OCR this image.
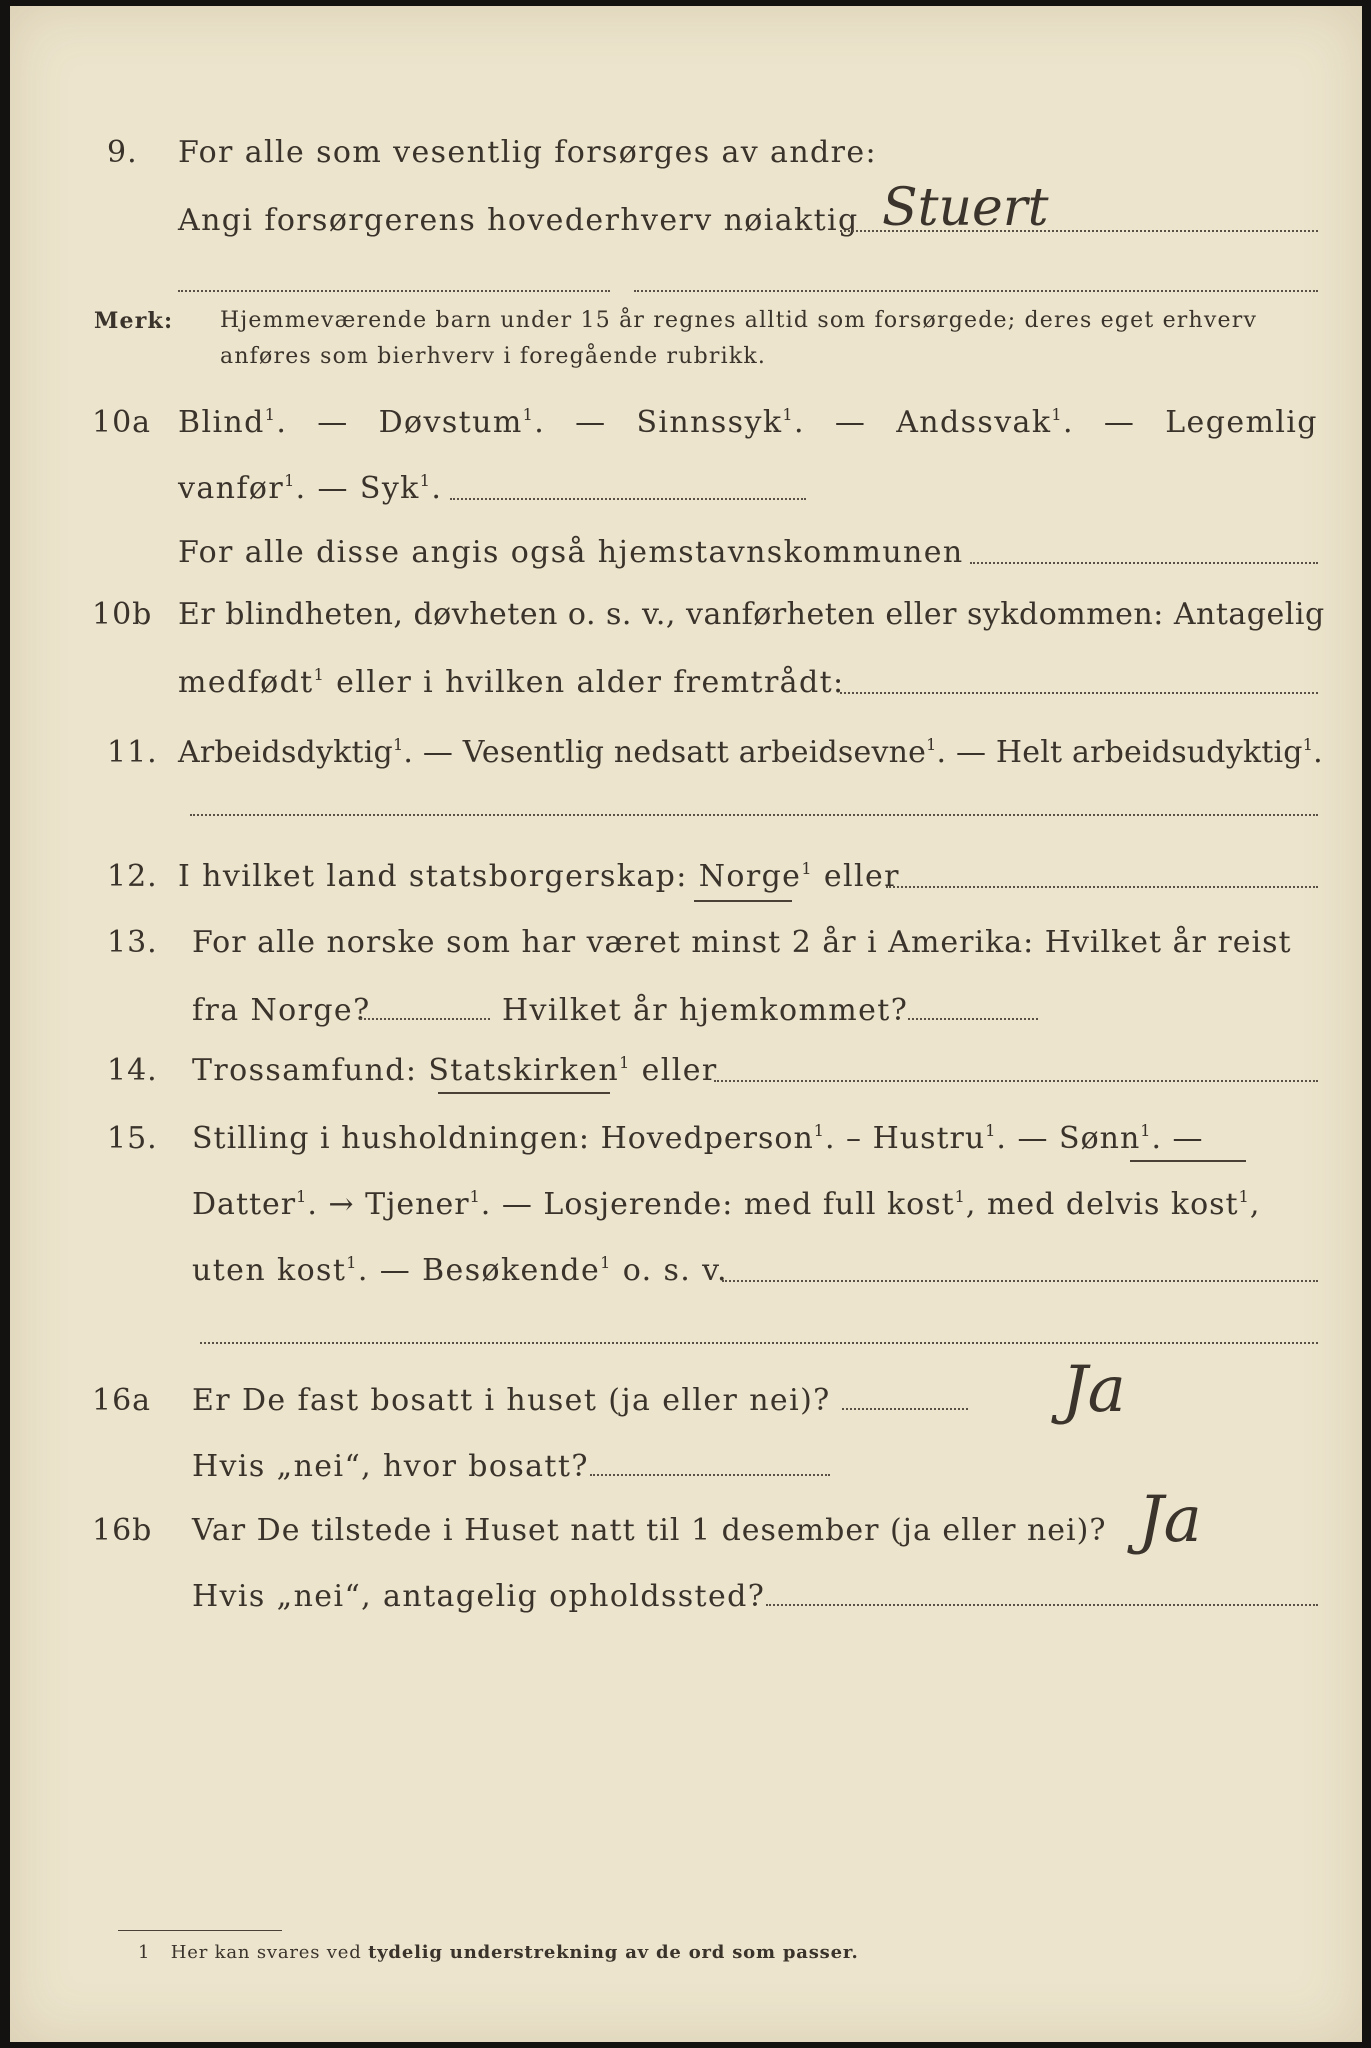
9. For alle som vesentlig forsørges av andre:
Angi forsørgerens hovederhverv nøiaktig Stuert
Merk: Hjemmeværende barn under 15 år regnes alltid som forsørgede; deres eget erhverv
anføres som bierhverv i foregående rubrikk.
10a Blind$^1$. — Døvstum$^1$. — Sinnssyk$^1$. — Andssvak$^1$. — Legemlig
vanfør$^1$. — Syk$^1$.
For alle disse angis også hjemstavnskommunen
10b Er blindheten, døvheten o. s. v., vanførheten eller sykdommen: Antagelig
medfødt$^1$ eller i hvilken alder fremtrådt:
11. Arbeidsdyktig$^1$. — Vesentlig nedsatt arbeidsevne$^1$. — Helt arbeidsudyktig$^1$.
12. I hvilket land statsborgerskap: Norge$^1$ eller
13. For alle norske som har været minst 2 år i Amerika: Hvilket år reist
fra Norge?	Hvilket år hjemkommet?
14. Trossamfund: Statskirken$^1$ eller
15. Stilling i husholdningen: Hovedperson$^1$. – Hustru$^1$. — Sønn$^1$. —
Datter$^1$. → Tjener$^1$. — Losjerende: med full kost$^1$, med delvis kost$^1$,
uten kost$^1$. — Besøkende$^1$ o. s. v.
16a Er De fast bosatt i huset (ja eller nei)?	Ja
Hvis „nei“, hvor bosatt?
16b Var De tilstede i Huset natt til 1 desember (ja eller nei)? Ja
Hvis „nei“, antagelig opholdssted?
1 Her kan svares ved tydelig understrekning av de ord som passer.
